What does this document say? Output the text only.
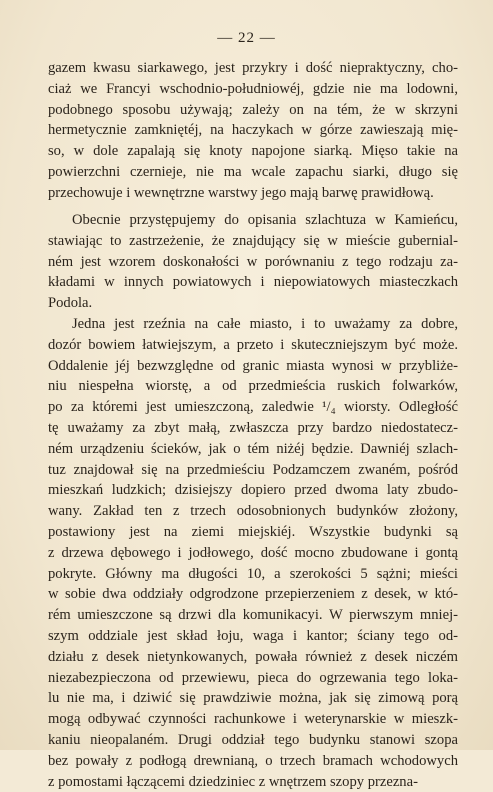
— 22 —
gazem kwasu siarkawego, jest przykry i dość niepraktyczny, cho-
ciaż we Francyi wschodnio-południowéj, gdzie nie ma lodowni,
podobnego sposobu używają; zależy on na tém, że w skrzyni
hermetycznie zamkniętéj, na haczykach w górze zawieszają mię-
so, w dole zapalają się knoty napojone siarką. Mięso takie na
powierzchni czernieje, nie ma wcale zapachu siarki, długo się
przechowuje i wewnętrzne warstwy jego mają barwę prawidłową.
Obecnie przystępujemy do opisania szlachtuza w Kamieńcu,
stawiając to zastrzeżenie, że znajdujący się w mieście gubernial-
ném jest wzorem doskonałości w porównaniu z tego rodzaju za-
kładami w innych powiatowych i niepowiatowych miasteczkach
Podola.
Jedna jest rzeźnia na całe miasto, i to uważamy za dobre,
dozór bowiem łatwiejszym, a przeto i skuteczniejszym być może.
Oddalenie jéj bezwzględne od granic miasta wynosi w przybliże-
niu niespełna wiorstę, a od przedmieścia ruskich folwarków,
po za któremi jest umieszczoną, zaledwie ¹/₄ wiorsty. Odległość
tę uważamy za zbyt małą, zwłaszcza przy bardzo niedostatecz-
ném urządzeniu ścieków, jak o tém niżéj będzie. Dawniéj szlach-
tuz znajdował się na przedmieściu Podzamczem zwaném, pośród
mieszkań ludzkich; dzisiejszy dopiero przed dwoma laty zbudo-
wany. Zakład ten z trzech odosobnionych budynków złożony,
postawiony jest na ziemi miejskiéj. Wszystkie budynki są
z drzewa dębowego i jodłowego, dość mocno zbudowane i gontą
pokryte. Główny ma długości 10, a szerokości 5 sążni; mieści
w sobie dwa oddziały odgrodzone przepierzeniem z desek, w któ-
rém umieszczone są drzwi dla komunikacyi. W pierwszym mniej-
szym oddziale jest skład łoju, waga i kantor; ściany tego od-
działu z desek nietynkowanych, powała również z desek niczém
niezabezpieczona od przewiewu, pieca do ogrzewania tego loka-
lu nie ma, i dziwić się prawdziwie można, jak się zimową porą
mogą odbywać czynności rachunkowe i weterynarskie w mieszk-
kaniu nieopalaném. Drugi oddział tego budynku stanowi szopa
bez powały z podłogą drewnianą, o trzech bramach wchodowych
z pomostami łączącemi dziedziniec z wnętrzem szopy przezna-
